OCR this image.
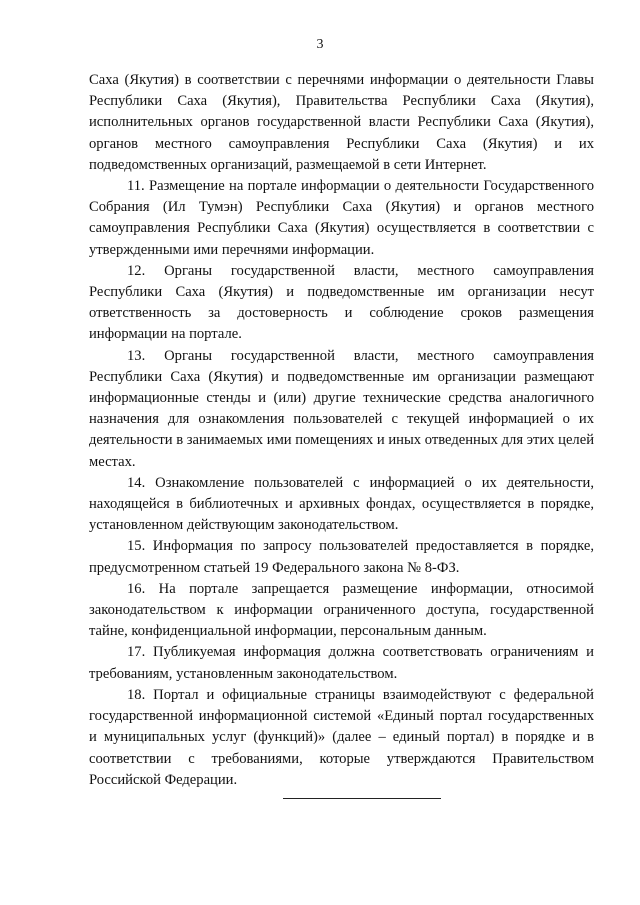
3

Саха (Якутия) в соответствии с перечнями информации о деятельности Главы Республики Саха (Якутия), Правительства Республики Саха (Якутия), исполнительных органов государственной власти Республики Саха (Якутия), органов местного самоуправления Республики Саха (Якутия) и их подведомственных организаций, размещаемой в сети Интернет.

11. Размещение на портале информации о деятельности Государственного Собрания (Ил Тумэн) Республики Саха (Якутия) и органов местного самоуправления Республики Саха (Якутия) осуществляется в соответствии с утвержденными ими перечнями информации.

12. Органы государственной власти, местного самоуправления Республики Саха (Якутия) и подведомственные им организации несут ответственность за достоверность и соблюдение сроков размещения информации на портале.

13. Органы государственной власти, местного самоуправления Республики Саха (Якутия) и подведомственные им организации размещают информационные стенды и (или) другие технические средства аналогичного назначения для ознакомления пользователей с текущей информацией о их деятельности в занимаемых ими помещениях и иных отведенных для этих целей местах.

14. Ознакомление пользователей с информацией о их деятельности, находящейся в библиотечных и архивных фондах, осуществляется в порядке, установленном действующим законодательством.

15. Информация по запросу пользователей предоставляется в порядке, предусмотренном статьей 19 Федерального закона № 8-ФЗ.

16. На портале запрещается размещение информации, относимой законодательством к информации ограниченного доступа, государственной тайне, конфиденциальной информации, персональным данным.

17. Публикуемая информация должна соответствовать ограничениям и требованиям, установленным законодательством.

18. Портал и официальные страницы взаимодействуют с федеральной государственной информационной системой «Единый портал государственных и муниципальных услуг (функций)» (далее – единый портал) в порядке и в соответствии с требованиями, которые утверждаются Правительством Российской Федерации.
